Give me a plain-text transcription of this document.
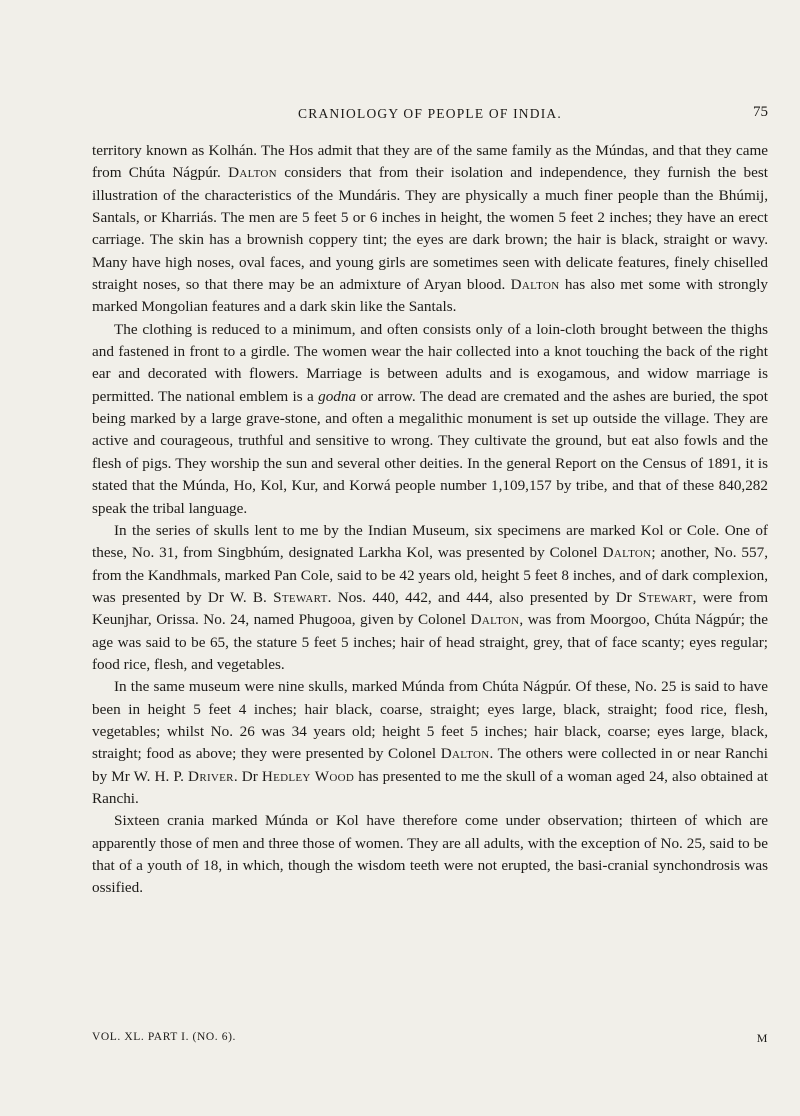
CRANIOLOGY OF PEOPLE OF INDIA.	75

territory known as Kolhán. The Hos admit that they are of the same family as the Múndas, and that they came from Chúta Nágpúr. Dalton considers that from their isolation and independence, they furnish the best illustration of the characteristics of the Mundáris. They are physically a much finer people than the Bhúmij, Santals, or Kharriás. The men are 5 feet 5 or 6 inches in height, the women 5 feet 2 inches; they have an erect carriage. The skin has a brownish coppery tint; the eyes are dark brown; the hair is black, straight or wavy. Many have high noses, oval faces, and young girls are sometimes seen with delicate features, finely chiselled straight noses, so that there may be an admixture of Aryan blood. Dalton has also met some with strongly marked Mongolian features and a dark skin like the Santals.

The clothing is reduced to a minimum, and often consists only of a loin-cloth brought between the thighs and fastened in front to a girdle. The women wear the hair collected into a knot touching the back of the right ear and decorated with flowers. Marriage is between adults and is exogamous, and widow marriage is permitted. The national emblem is a godna or arrow. The dead are cremated and the ashes are buried, the spot being marked by a large grave-stone, and often a megalithic monument is set up outside the village. They are active and courageous, truthful and sensitive to wrong. They cultivate the ground, but eat also fowls and the flesh of pigs. They worship the sun and several other deities. In the general Report on the Census of 1891, it is stated that the Múnda, Ho, Kol, Kur, and Korwá people number 1,109,157 by tribe, and that of these 840,282 speak the tribal language.

In the series of skulls lent to me by the Indian Museum, six specimens are marked Kol or Cole. One of these, No. 31, from Singbhúm, designated Larkha Kol, was presented by Colonel Dalton; another, No. 557, from the Kandhmals, marked Pan Cole, said to be 42 years old, height 5 feet 8 inches, and of dark complexion, was presented by Dr W. B. Stewart. Nos. 440, 442, and 444, also presented by Dr Stewart, were from Keunjhar, Orissa. No. 24, named Phugooa, given by Colonel Dalton, was from Moorgoo, Chúta Nágpúr; the age was said to be 65, the stature 5 feet 5 inches; hair of head straight, grey, that of face scanty; eyes regular; food rice, flesh, and vegetables.

In the same museum were nine skulls, marked Múnda from Chúta Nágpúr. Of these, No. 25 is said to have been in height 5 feet 4 inches; hair black, coarse, straight; eyes large, black, straight; food rice, flesh, vegetables; whilst No. 26 was 34 years old; height 5 feet 5 inches; hair black, coarse; eyes large, black, straight; food as above; they were presented by Colonel Dalton. The others were collected in or near Ranchi by Mr W. H. P. Driver. Dr Hedley Wood has presented to me the skull of a woman aged 24, also obtained at Ranchi.

Sixteen crania marked Múnda or Kol have therefore come under observation; thirteen of which are apparently those of men and three those of women. They are all adults, with the exception of No. 25, said to be that of a youth of 18, in which, though the wisdom teeth were not erupted, the basi-cranial synchondrosis was ossified.

VOL. XL. PART I. (NO. 6).	M
